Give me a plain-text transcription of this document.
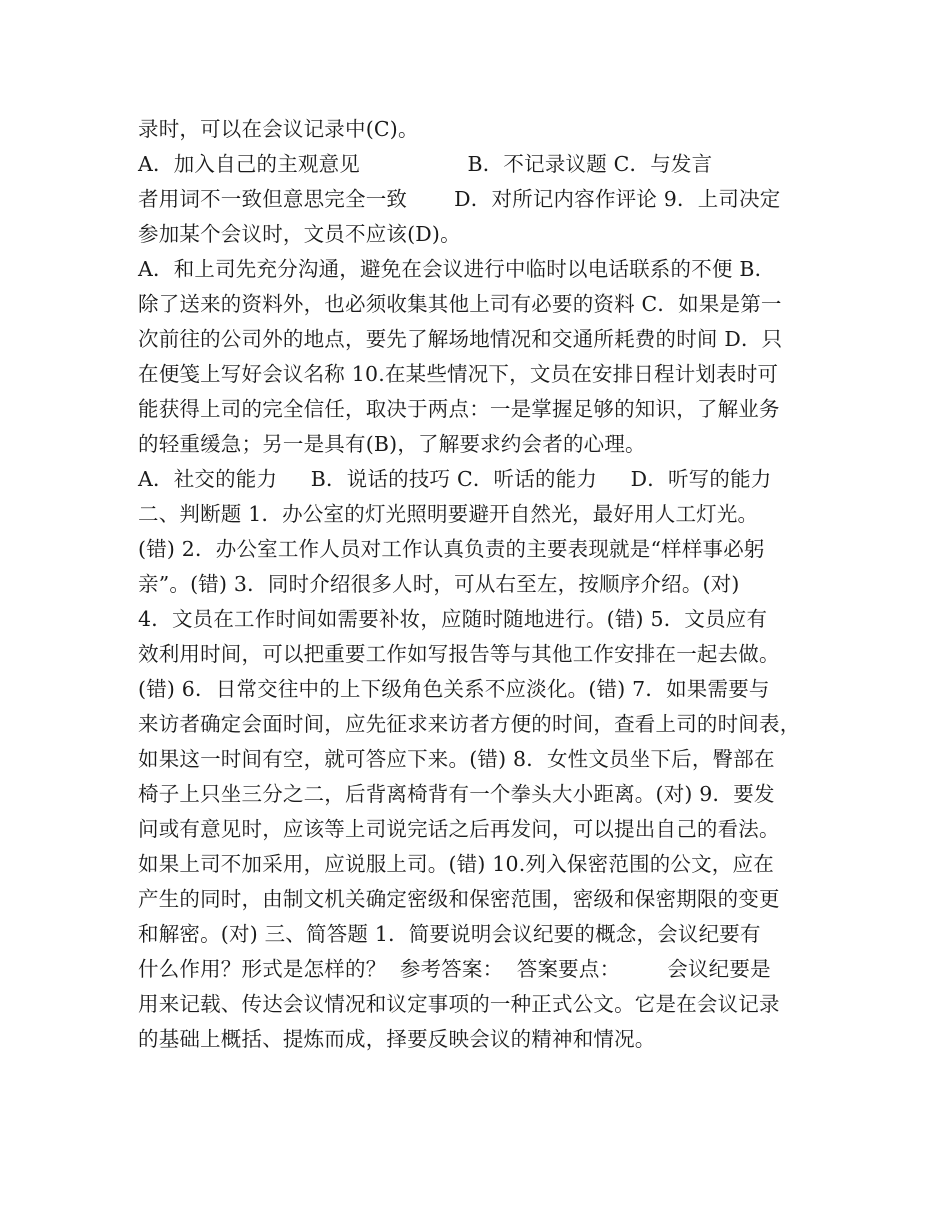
录时，可以在会议记录中(C)。
A．加入自己的主观意见                B．不记录议题 C．与发言
者用词不一致但意思完全一致       D．对所记内容作评论 9．上司决定
参加某个会议时，文员不应该(D)。
A．和上司先充分沟通，避免在会议进行中临时以电话联系的不便 B．
除了送来的资料外，也必须收集其他上司有必要的资料 C．如果是第一
次前往的公司外的地点，要先了解场地情况和交通所耗费的时间 D．只
在便笺上写好会议名称 10.在某些情况下，文员在安排日程计划表时可
能获得上司的完全信任，取决于两点：一是掌握足够的知识，了解业务
的轻重缓急；另一是具有(B)，了解要求约会者的心理。
A．社交的能力     B．说话的技巧 C．听话的能力     D．听写的能力
二、判断题 1．办公室的灯光照明要避开自然光，最好用人工灯光。
(错) 2．办公室工作人员对工作认真负责的主要表现就是“样样事必躬
亲”。(错) 3．同时介绍很多人时，可从右至左，按顺序介绍。(对)
4．文员在工作时间如需要补妆，应随时随地进行。(错) 5．文员应有
效利用时间，可以把重要工作如写报告等与其他工作安排在一起去做。
(错) 6．日常交往中的上下级角色关系不应淡化。(错) 7．如果需要与
来访者确定会面时间，应先征求来访者方便的时间，查看上司的时间表，
如果这一时间有空，就可答应下来。(错) 8．女性文员坐下后，臀部在
椅子上只坐三分之二，后背离椅背有一个拳头大小距离。(对) 9．要发
问或有意见时，应该等上司说完话之后再发问，可以提出自己的看法。
如果上司不加采用，应说服上司。(错) 10.列入保密范围的公文，应在
产生的同时，由制文机关确定密级和保密范围，密级和保密期限的变更
和解密。(对) 三、简答题 1．简要说明会议纪要的概念，会议纪要有
什么作用？形式是怎样的？  参考答案：  答案要点：       会议纪要是
用来记载、传达会议情况和议定事项的一种正式公文。它是在会议记录
的基础上概括、提炼而成，择要反映会议的精神和情况。
